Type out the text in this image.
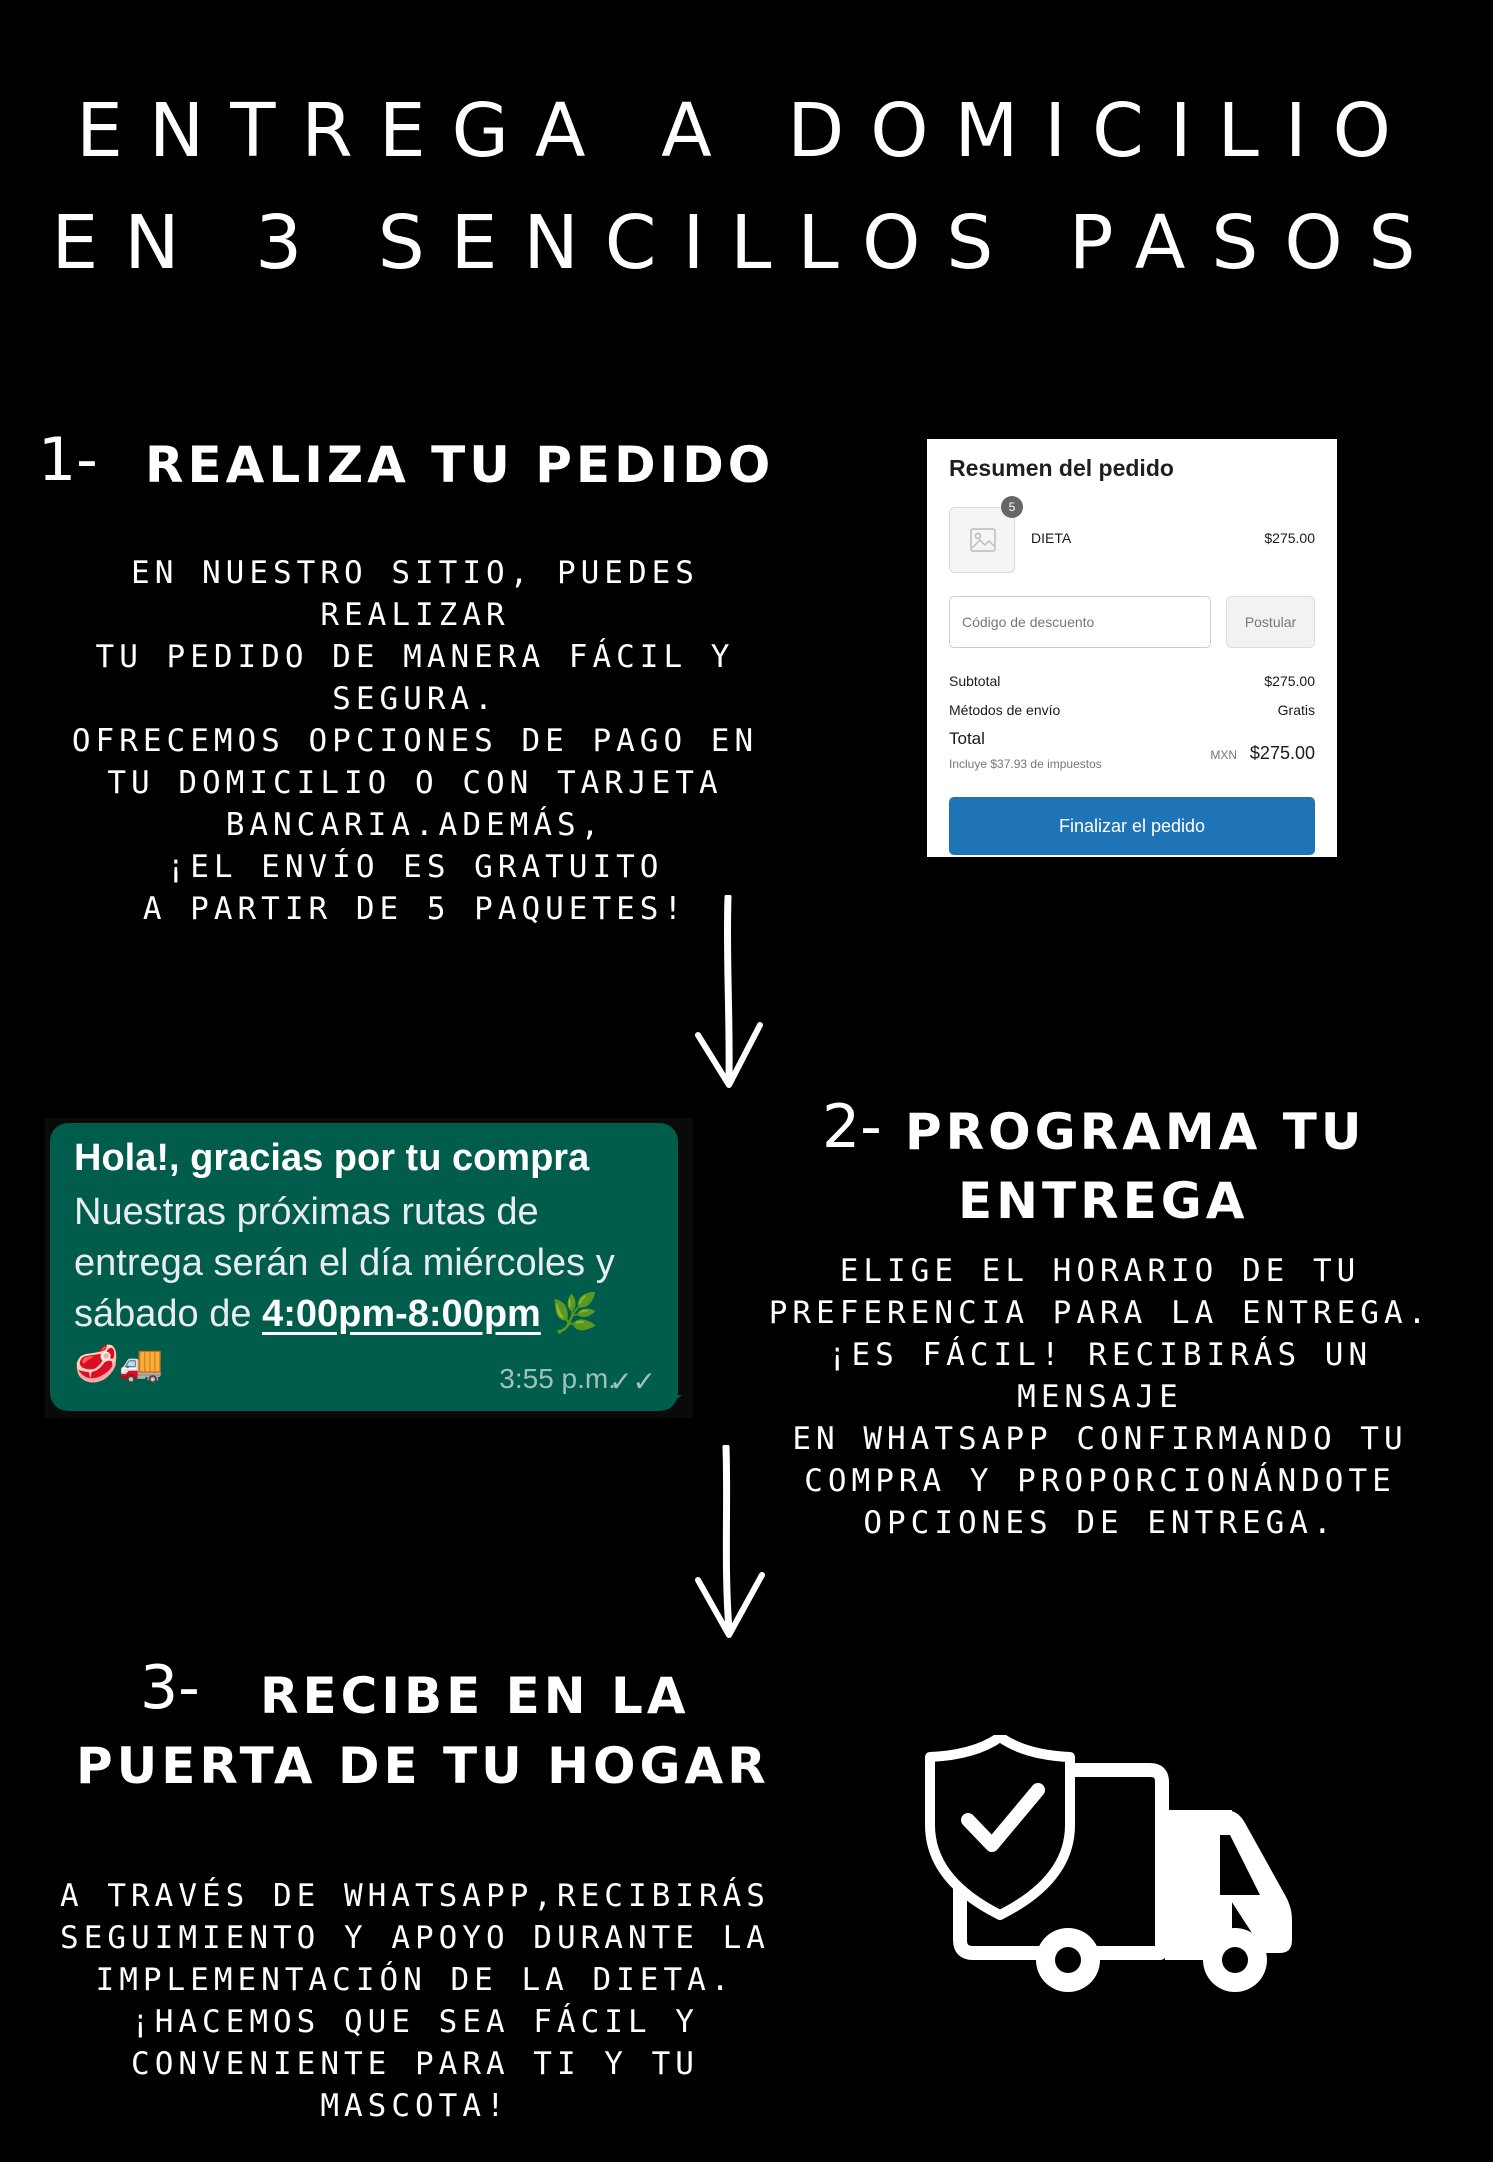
ENTREGA A DOMICILIO
EN 3 SENCILLOS PASOS
1- REALIZA TU PEDIDO
EN NUESTRO SITIO, PUEDES REALIZAR
TU PEDIDO DE MANERA FÁCIL Y SEGURA.
OFRECEMOS OPCIONES DE PAGO EN
TU DOMICILIO O CON TARJETA
BANCARIA.ADEMÁS,
¡EL ENVÍO ES GRATUITO
A PARTIR DE 5 PAQUETES!
Resumen del pedido
5
DIETA	$275.00
Código de descuento	Postular
Subtotal	$275.00
Métodos de envío	Gratis
Total
Incluye $37.93 de impuestos
MXN $275.00
Finalizar el pedido
Hola!, gracias por tu compra
Nuestras próximas rutas de entrega serán el día miércoles y sábado de 4:00pm-8:00pm 🌿
🥩🚚	3:55 p.m.
✓✓
2- PROGRAMA TU
ENTREGA
ELIGE EL HORARIO DE TU
PREFERENCIA PARA LA ENTREGA.
¡ES FÁCIL! RECIBIRÁS UN MENSAJE
EN WHATSAPP CONFIRMANDO TU
COMPRA Y PROPORCIONÁNDOTE
OPCIONES DE ENTREGA.
3- RECIBE EN LA
PUERTA DE TU HOGAR
A TRAVÉS DE WHATSAPP,RECIBIRÁS
SEGUIMIENTO Y APOYO DURANTE LA
IMPLEMENTACIÓN DE LA DIETA.
¡HACEMOS QUE SEA FÁCIL Y
CONVENIENTE PARA TI Y TU MASCOTA!
